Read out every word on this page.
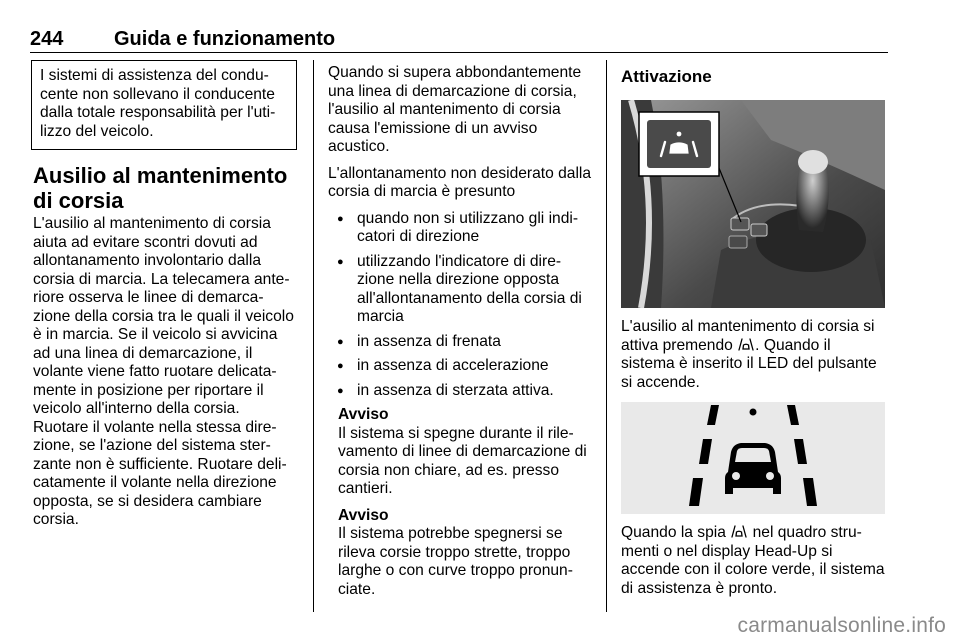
244	Guida e funzionamento
I sistemi di assistenza del condu-cente non sollevano il conducente dalla totale responsabilità per l'uti-lizzo del veicolo.
Ausilio al mantenimento di corsia

L'ausilio al mantenimento di corsia aiuta ad evitare scontri dovuti ad allontanamento involontario dalla corsia di marcia. La telecamera ante-riore osserva le linee di demarca-zione della corsia tra le quali il veicolo è in marcia. Se il veicolo si avvicina ad una linea di demarcazione, il volante viene fatto ruotare delicata-mente in posizione per riportare il veicolo all'interno della corsia. Ruotare il volante nella stessa dire-zione, se l'azione del sistema ster-zante non è sufficiente. Ruotare deli-catamente il volante nella direzione opposta, se si desidera cambiare corsia.

Quando si supera abbondantemente una linea di demarcazione di corsia, l'ausilio al mantenimento di corsia causa l'emissione di un avviso acustico.

L'allontanamento non desiderato dalla corsia di marcia è presunto

● quando non si utilizzano gli indi-catori di direzione
● utilizzando l'indicatore di dire-zione nella direzione opposta all'allontanamento della corsia di marcia
● in assenza di frenata
● in assenza di accelerazione
● in assenza di sterzata attiva.
Avviso
Il sistema si spegne durante il rile-vamento di linee di demarcazione di corsia non chiare, ad es. presso cantieri.
Avviso
Il sistema potrebbe spegnersi se rileva corsie troppo strette, troppo larghe o con curve troppo pronun-ciate.
Attivazione

L'ausilio al mantenimento di corsia si attiva premendo . Quando il sistema è inserito il LED del pulsante si accende.

Quando la spia nel quadro stru-menti o nel display Head-Up si accende con il colore verde, il sistema di assistenza è pronto.

carmanualsonline.info
